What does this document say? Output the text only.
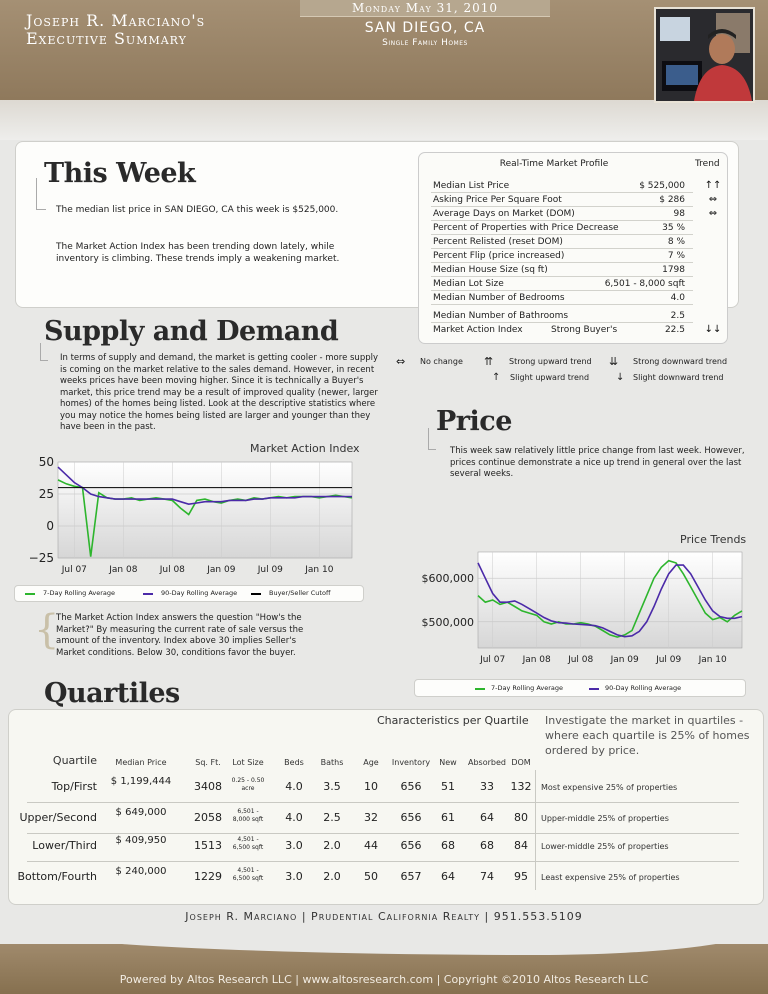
Joseph R. Marciano's
Executive Summary
Monday May 31, 2010
SAN DIEGO, CA
Single Family Homes
This Week
The median list price in SAN DIEGO, CA this week is $525,000.
The Market Action Index has been trending down lately, while inventory is climbing. These trends imply a weakening market.
Real-Time Market Profile	Trend
Median List Price	$ 525,000 ↑↑
Asking Price Per Square Foot	$ 286	⇔
Average Days on Market (DOM)	98	⇔
Percent of Properties with Price Decrease	35 %
Percent Relisted (reset DOM)	8 %
Percent Flip (price increased)	7 %
Median House Size (sq ft)	1798
Median Lot Size	6,501 - 8,000 sqft
Median Number of Bedrooms	4.0
Median Number of Bathrooms	2.5
Market Action Index	Strong Buyer's	22.5 ↓↓
⇔ No change ⇈ Strong upward trend ⇊ Strong downward trend
↑ Slight upward trend	↓ Slight downward trend
Supply and Demand
In terms of supply and demand, the market is getting cooler - more supply is coming on the market relative to the sales demand. However, in recent weeks prices have been moving higher. Since it is technically a Buyer's market, this price trend may be a result of improved quality (newer, larger homes) of the homes being listed. Look at the descriptive statistics where you may notice the homes being listed are larger and younger than they have been in the past.
Market Action Index
50
25
0
−25
Jul 07 Jan 08 Jul 08 Jan 09 Jul 09 Jan 10
7-Day Rolling Average	90-Day Rolling Average	Buyer/Seller Cutoff
{
The Market Action Index answers the question "How's the Market?" By measuring the current rate of sale versus the amount of the inventory. Index above 30 implies Seller's Market conditions. Below 30, conditions favor the buyer.
Price
This week saw relatively little price change from last week. However, prices continue demonstrate a nice up trend in general over the last several weeks.
Price Trends
$600,000
$500,000
Jul 07 Jan 08 Jul 08 Jan 09 Jul 09 Jan 10
7-Day Rolling Average	90-Day Rolling Average
Quartiles
Characteristics per Quartile Investigate the market in quartiles - where each quartile is 25% of homes ordered by price.
Quartile	Median Price	Sq. Ft.	Lot Size	Beds	Baths	Age	Inventory	New	Absorbed DOM
Top/First	$ 1,199,444	3408	0.25 - 0.50
acre	4.0	3.5	10	656	51	33	132 Most expensive 25% of properties
Upper/Second	$ 649,000	2058	6,501 -
8,000 sqft	4.0	2.5	32	656	61	64	80	Upper-middle 25% of properties
Lower/Third	$ 409,950	1513	4,501 -
6,500 sqft	3.0	2.0	44	656	68	68	84	Lower-middle 25% of properties
Bottom/Fourth	$ 240,000	1229	4,501 -
6,500 sqft	3.0	2.0	50	657	64	74	95	Least expensive 25% of properties
Joseph R. Marciano | Prudential California Realty | 951.553.5109
Powered by Altos Research LLC | www.altosresearch.com | Copyright ©2010 Altos Research LLC
